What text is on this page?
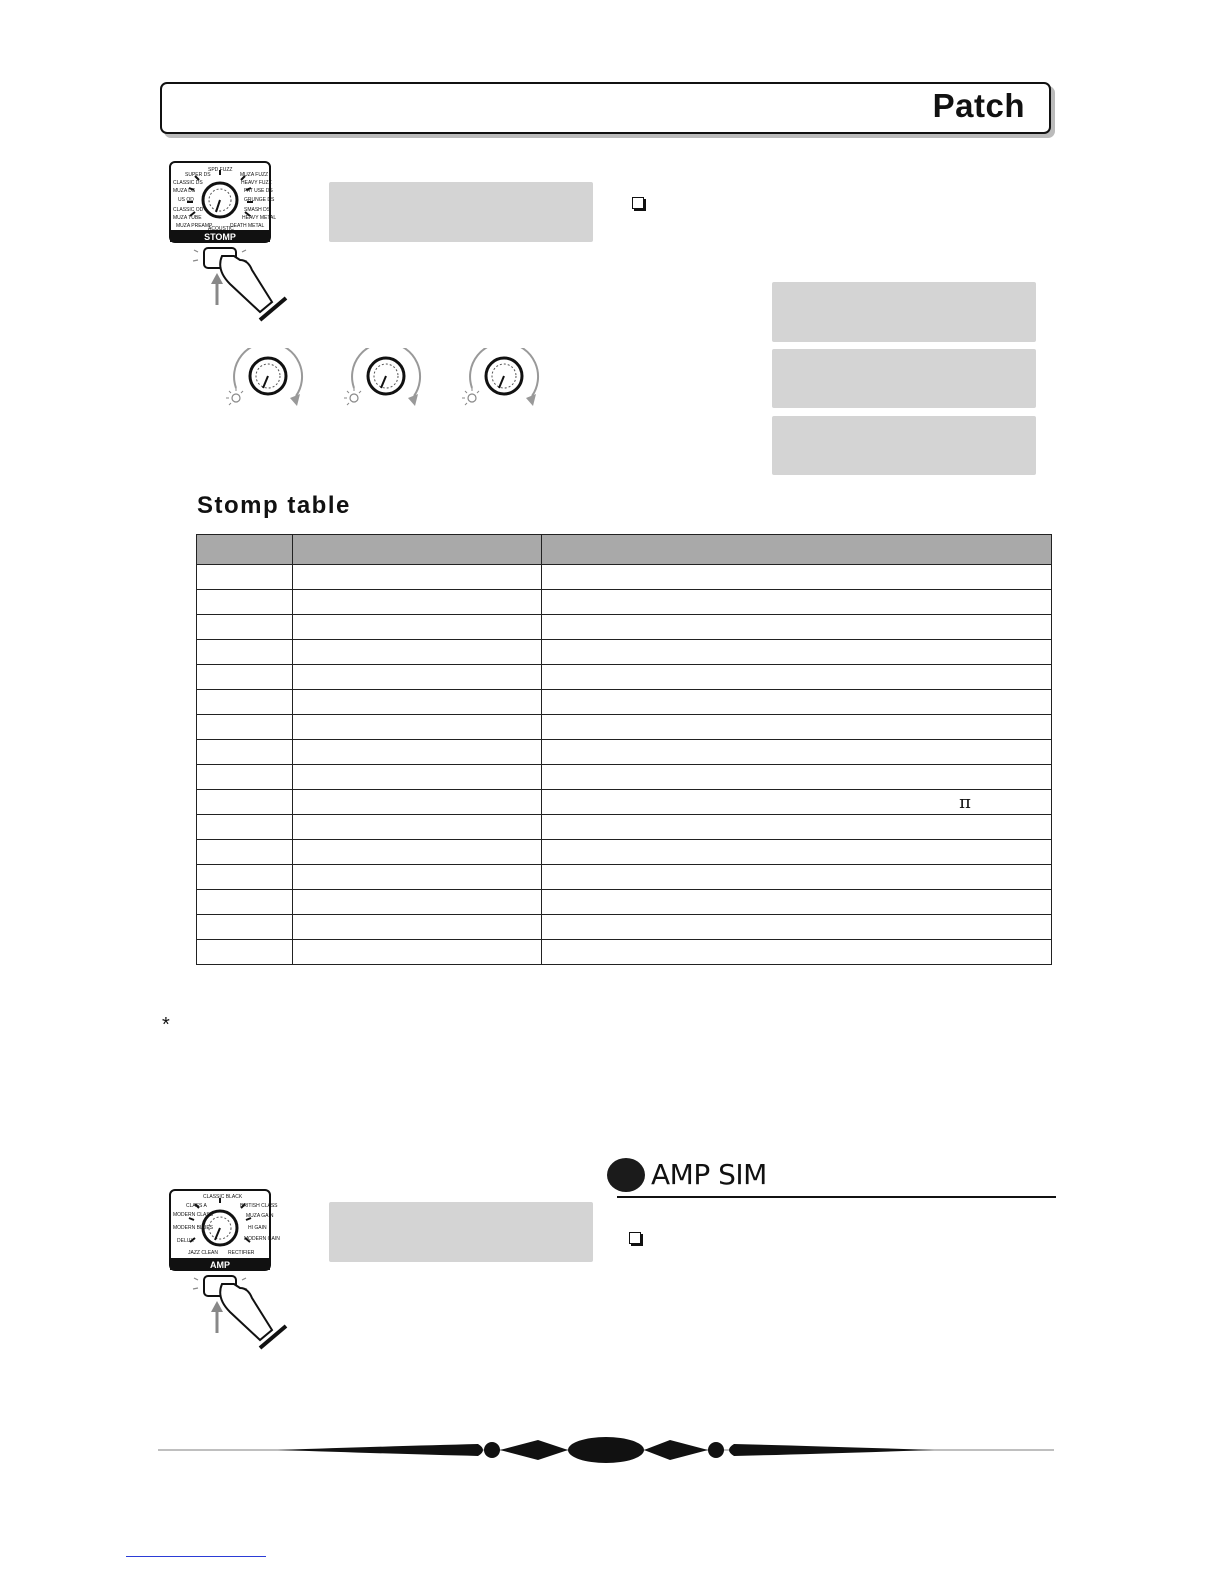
Patch
STOMP
SUPER DS
CLASSIC DS
MUZA DS
US OD
CLASSIC OD
MUZA TUBE
MUZA PREAMP
SPD FUZZ
MUZA FUZZ
HEAVY FUZZ
FAT USE DS
GRUNGE DS
SMASH DS
HEAVY METAL
DEATH METAL
ACOUSTIC
Stomp table

		π

*
AMP
CLASSIC BLACK
CLASS A
MODERN CLASS
MODERN BLUES
DELUX
JAZZ CLEAN
BRITISH CLASS
MUZA GAIN
HI GAIN
MODERN GAIN
RECTIFIER
AMP SIM
